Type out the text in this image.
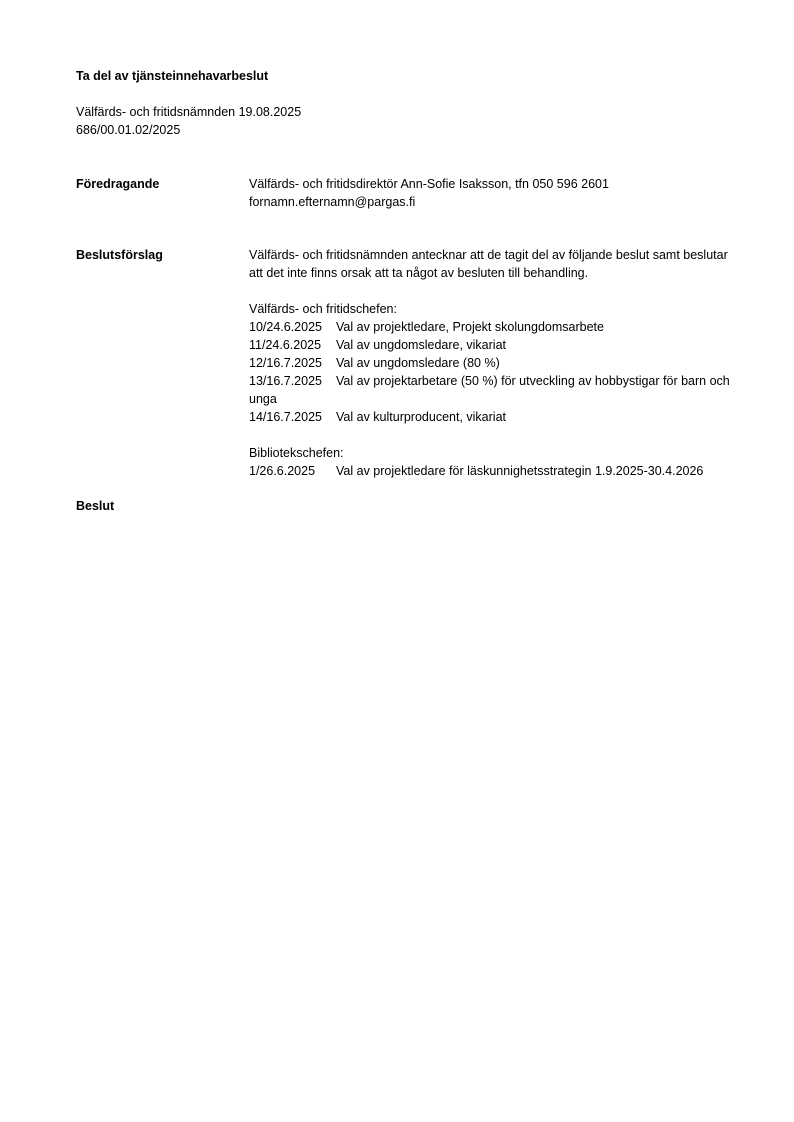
Ta del av tjänsteinnehavarbeslut
Välfärds- och fritidsnämnden 19.08.2025
686/00.01.02/2025
Föredragande	Välfärds- och fritidsdirektör Ann-Sofie Isaksson, tfn 050 596 2601
fornamn.efternamn@pargas.fi
Beslutsförslag	Välfärds- och fritidsnämnden antecknar att de tagit del av följande beslut samt beslutar att det inte finns orsak att ta något av besluten till behandling.

Välfärds- och fritidschefen:
10/24.6.2025	Val av projektledare, Projekt skolungdomsarbete
11/24.6.2025	Val av ungdomsledare, vikariat
12/16.7.2025	Val av ungdomsledare (80 %)
13/16.7.2025 Val av projektarbetare (50 %) för utveckling av hobbystigar för barn och unga
14/16.7.2025	Val av kulturproducent, vikariat
Bibliotekschefen:
1/26.6.2025	Val av projektledare för läskunnighetsstrategin 1.9.2025-30.4.2026
Beslut
